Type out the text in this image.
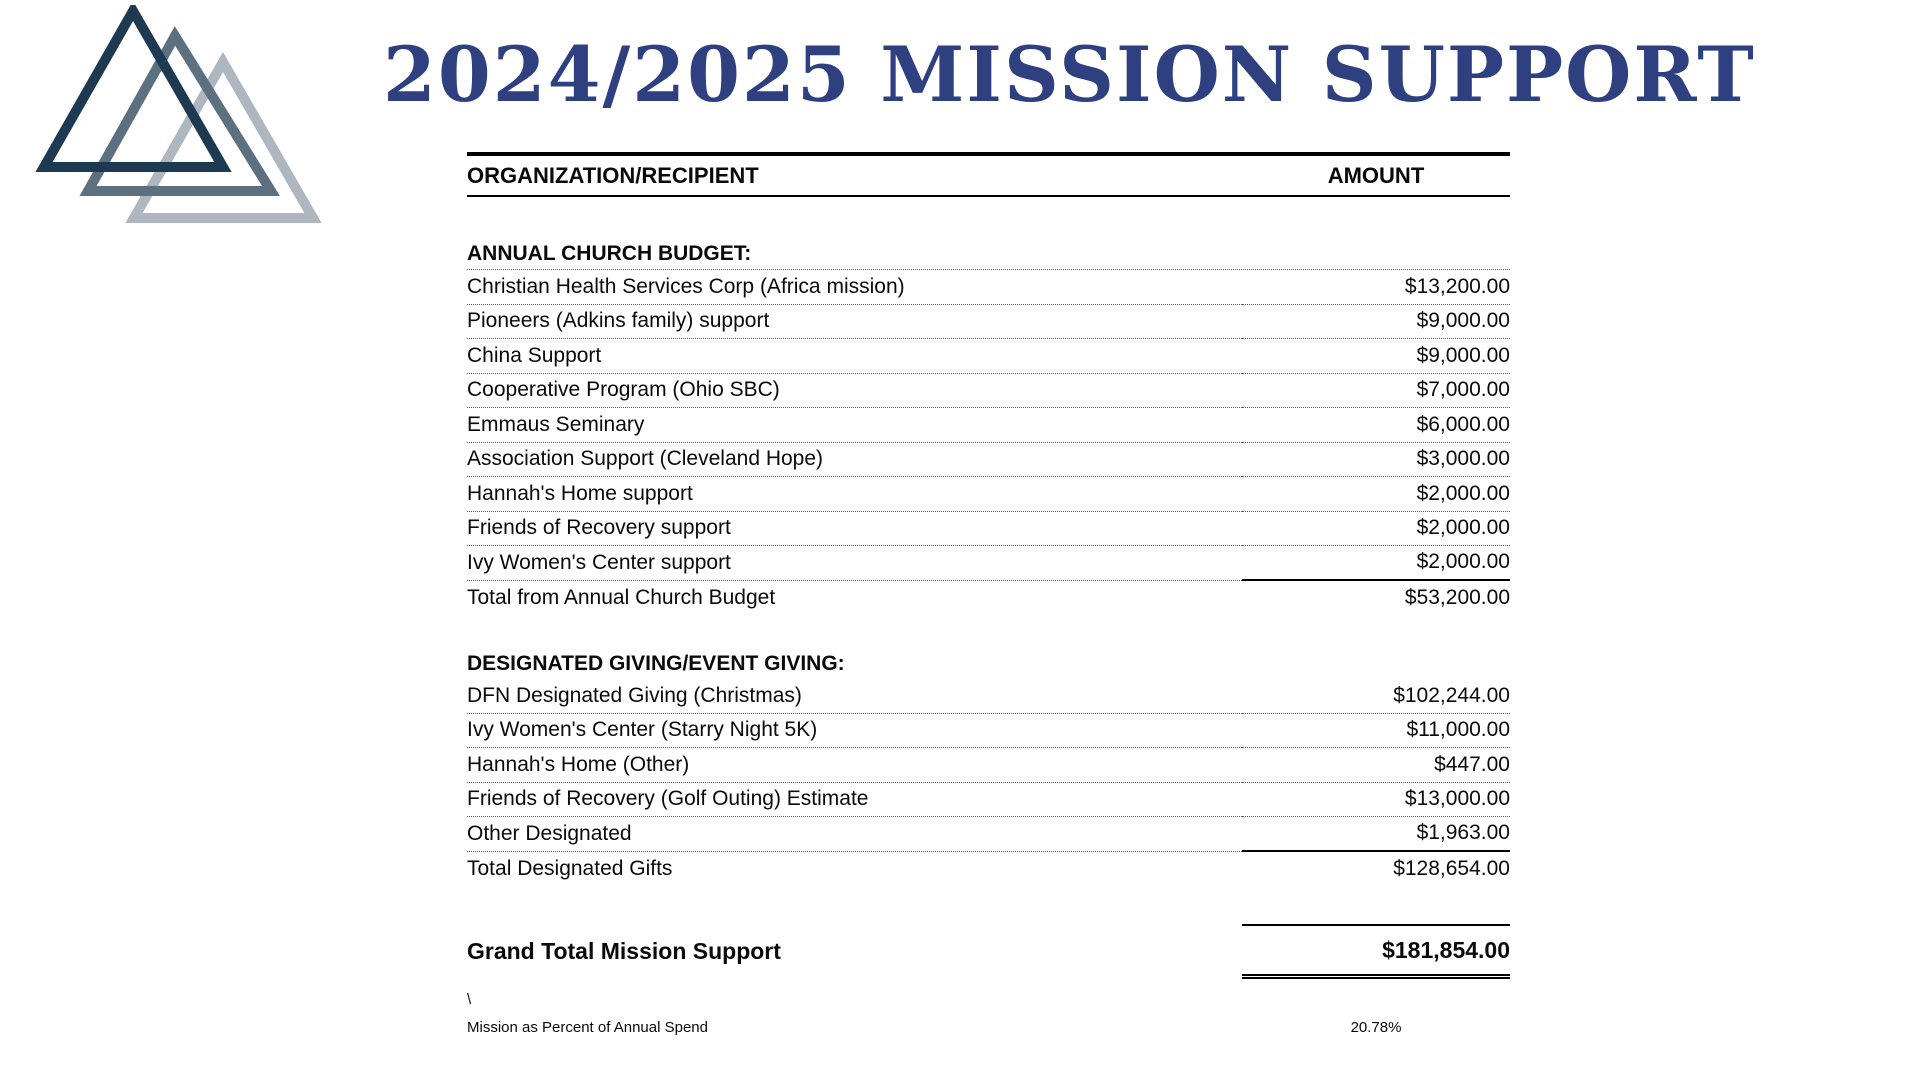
2024/2025 MISSION SUPPORT
ORGANIZATION/RECIPIENT	AMOUNT
ANNUAL CHURCH BUDGET:
Christian Health Services Corp (Africa mission)	$13,200.00
Pioneers (Adkins family) support	$9,000.00
China Support	$9,000.00
Cooperative Program (Ohio SBC)	$7,000.00
Emmaus Seminary	$6,000.00
Association Support (Cleveland Hope)	$3,000.00
Hannah's Home support	$2,000.00
Friends of Recovery support	$2,000.00
Ivy Women's Center support	$2,000.00
Total from Annual Church Budget	$53,200.00
DESIGNATED GIVING/EVENT GIVING:
DFN Designated Giving (Christmas)	$102,244.00
Ivy Women's Center (Starry Night 5K)	$11,000.00
Hannah's Home (Other)	$447.00
Friends of Recovery (Golf Outing) Estimate	$13,000.00
Other Designated	$1,963.00
Total Designated Gifts	$128,654.00
Grand Total Mission Support	$181,854.00
\
Mission as Percent of Annual Spend	20.78%
